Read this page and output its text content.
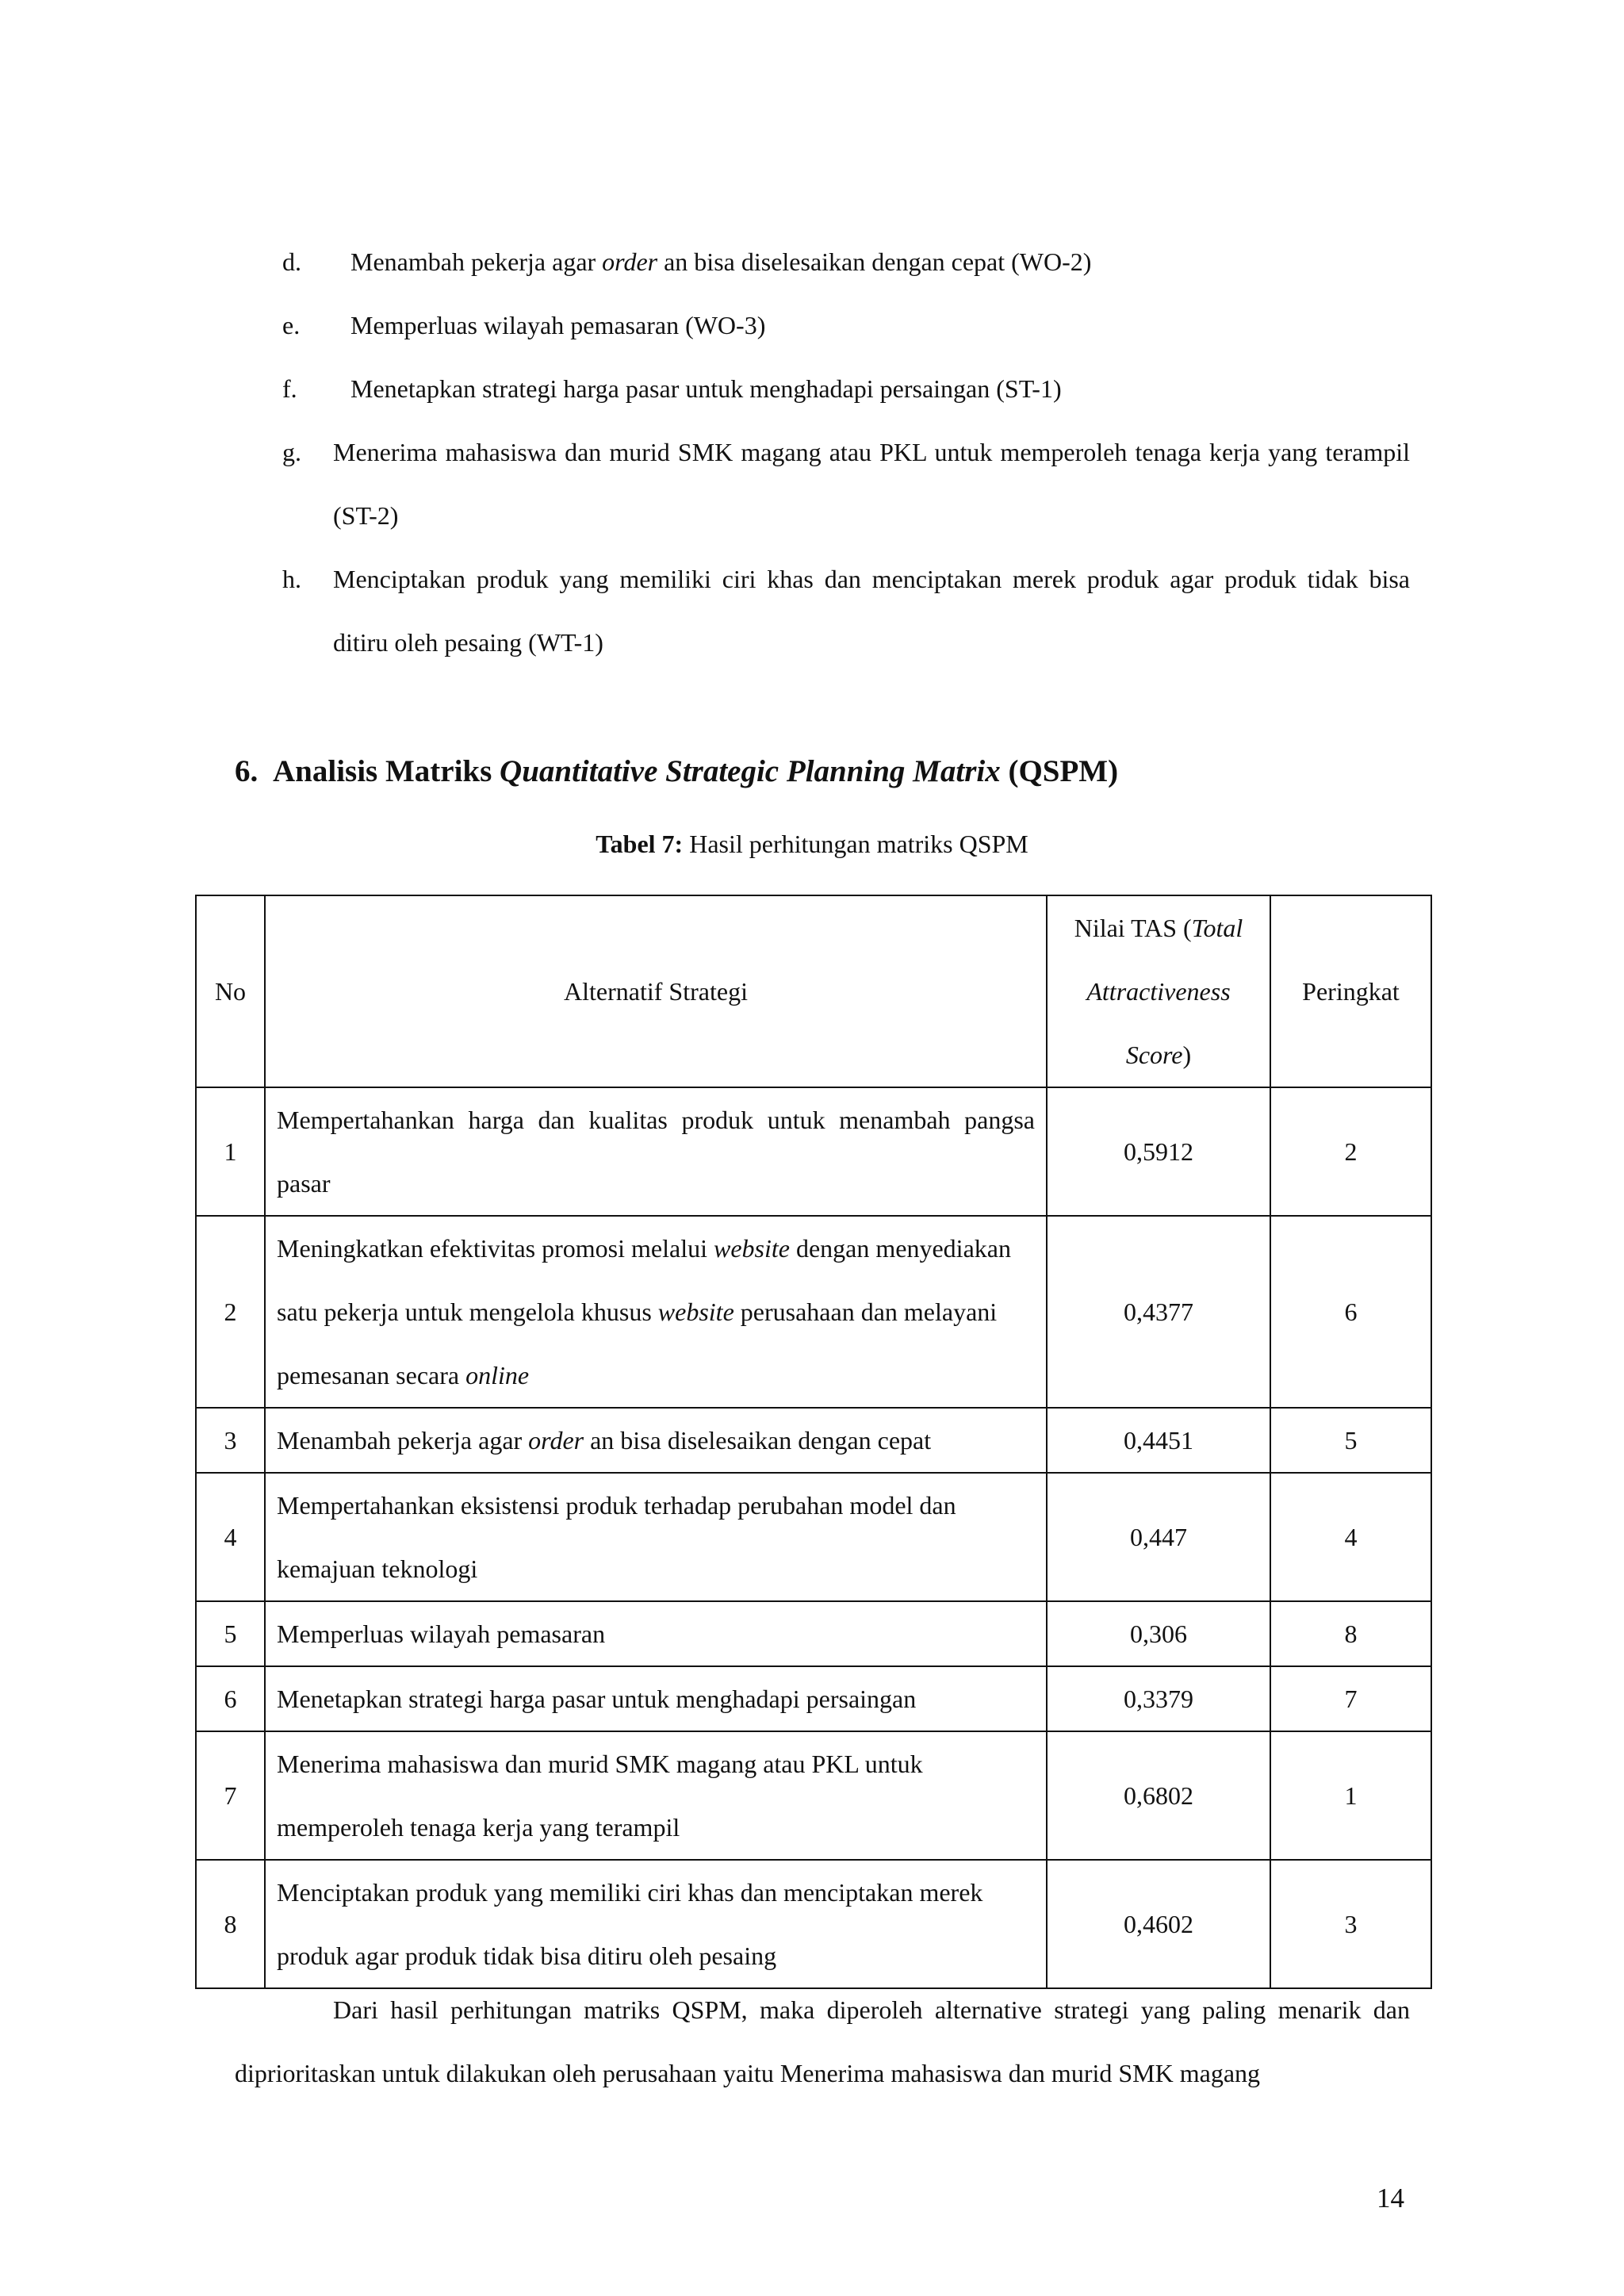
d.	Menambah pekerja agar order an bisa diselesaikan dengan cepat (WO-2)
e.	Memperluas wilayah pemasaran (WO-3)
f.	Menetapkan strategi harga pasar untuk menghadapi persaingan (ST-1)
g.	Menerima mahasiswa dan murid SMK magang atau PKL untuk memperoleh tenaga kerja yang terampil (ST-2)
h.	Menciptakan produk yang memiliki ciri khas dan menciptakan merek produk agar produk tidak bisa ditiru oleh pesaing (WT-1)
6. Analisis Matriks Quantitative Strategic Planning Matrix (QSPM)
Tabel 7: Hasil perhitungan matriks QSPM
No	Alternatif Strategi	Nilai TAS (Total Attractiveness Score)	Peringkat
1	Mempertahankan harga dan kualitas produk untuk menambah pangsa pasar	0,5912	2
2	Meningkatkan efektivitas promosi melalui website dengan menyediakan satu pekerja untuk mengelola khusus website perusahaan dan melayani pemesanan secara online	0,4377	6
3	Menambah pekerja agar order an bisa diselesaikan dengan cepat	0,4451	5
4	Mempertahankan eksistensi produk terhadap perubahan model dan kemajuan teknologi	0,447	4
5	Memperluas wilayah pemasaran	0,306	8
6	Menetapkan strategi harga pasar untuk menghadapi persaingan	0,3379	7
7	Menerima mahasiswa dan murid SMK magang atau PKL untuk memperoleh tenaga kerja yang terampil	0,6802	1
8	Menciptakan produk yang memiliki ciri khas dan menciptakan merek produk agar produk tidak bisa ditiru oleh pesaing	0,4602	3
Dari hasil perhitungan matriks QSPM, maka diperoleh alternative strategi yang paling menarik dan diprioritaskan untuk dilakukan oleh perusahaan yaitu Menerima mahasiswa dan murid SMK magang
14
